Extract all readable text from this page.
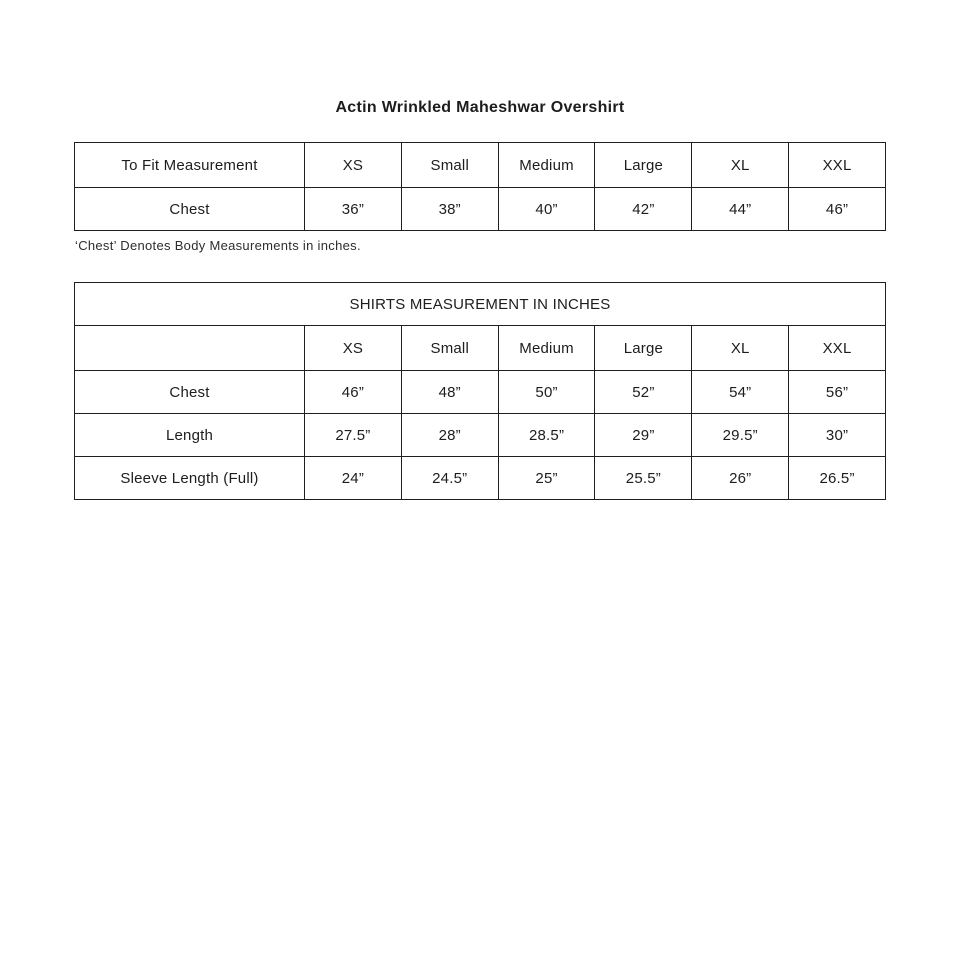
Actin Wrinkled Maheshwar Overshirt
To Fit Measurement	XS	Small	Medium	Large	XL	XXL
Chest	36”	38”	40”	42”	44”	46”

‘Chest’ Denotes Body Measurements in inches.

SHIRTS MEASUREMENT IN INCHES						
	XS	Small	Medium	Large	XL	XXL
Chest	46”	48”	50”	52”	54”	56”
Length	27.5”	28”	28.5”	29”	29.5”	30”
Sleeve Length (Full)	24”	24.5”	25”	25.5”	26”	26.5”
